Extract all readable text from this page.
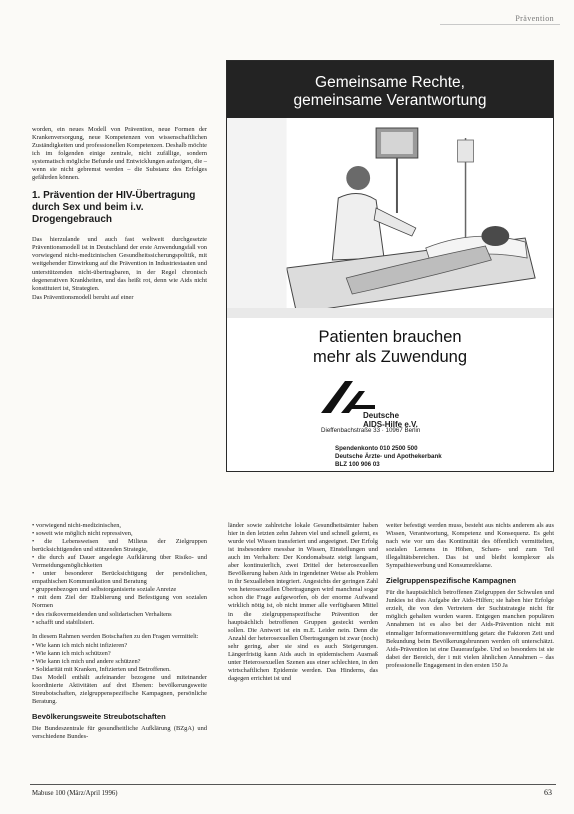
Prävention

worden, ein neues Modell von Prävention, neue Formen der Krankenversorgung, neue Kompetenzen von wissenschaftlichen Zuständigkeiten und professionellen Kompetenzen. Deshalb möchte ich im folgenden einige zentrale, nicht zufällige, sondern systematisch mögliche Befunde und Entwicklungen aufzeigen, die – wenn sie nicht gebremst werden – die Substanz des Erfolges gefährden können.

1. Prävention der HIV-Übertragung durch Sex und beim i.v. Drogengebrauch

Das hierzulande und auch fast weltweit durchgesetzte Präventionsmodell ist in Deutschland der erste Anwendungsfall von vorwiegend nicht-medizinischen Gesundheitssicherungspolitik, mit weitgehender Einwirkung auf die Prävention in Industriestaaten und unterstützenden nicht-übertragbaren, in der Regel chronisch degenerativen Krankheiten, und das heißt rot, denn wie Aids nicht konstituiert ist, Strategien.

Das Präventionsmodell beruht auf einer

• vorwiegend nicht-medizinischen,
• soweit wie möglich nicht repressiven,
• die Lebensweisen und Milieus der Zielgruppen berücksichtigenden und stützenden Strategie,
• die durch auf Dauer angelegte Aufklärung über Risiko- und Vermeidungsmöglichkeiten
• unter besonderer Berücksichtigung der persönlichen, empathischen Kommunikation und Beratung
• gruppenbezogen und selbstorganisierte soziale Anreize
• mit dem Ziel der Etablierung und Befestigung von sozialen Normen
• des risikovermeidenden und solidarischen Verhaltens
• schafft und stabilisiert.

In diesem Rahmen werden Botschaften zu den Fragen vermittelt:

• Wie kann ich mich nicht infizieren?
• Wie kann ich mich schützen?
• Wie kann ich mich und andere schützen?
• Solidarität mit Kranken, Infizierten und Betroffenen.

Das Modell enthält aufeinander bezogene und miteinander koordinierte Aktivitäten auf drei Ebenen: bevölkerungsweite Streubotschaften, zielgruppenspezifische Kampagnen, persönliche Beratung.

Bevölkerungsweite Streubotschaften

Die Bundeszentrale für gesundheitliche Aufklärung (BZgA) und verschiedene Bundes-

länder sowie zahlreiche lokale Gesundheitsämter haben hier in den letzten zehn Jahren viel und schnell gelernt, es wurde viel Wissen transferiert und angeeignet. Der Erfolg ist insbesondere messbar in Wissen, Einstellungen und auch im Verhalten: Der Kondomabsatz steigt langsam, aber kontinuierlich, zwei Drittel der heterosexuellen Bevölkerung haben Aids in irgendeiner Weise als Problem in ihr Sexualleben integriert. Angesichts der geringen Zahl von heterosexuellen Übertragungen wird manchmal sogar schon die Frage aufgeworfen, ob der enorme Aufwand wirklich nötig ist, ob nicht immer alle verfügbaren Mittel in die zielgruppenspezifische Prävention der hauptsächlich betroffenen Gruppen gesteckt werden sollen. Die Antwort ist ein m.E. Leider nein. Denn die Anzahl der heterosexuellen Übertragungen ist zwar (noch) sehr gering, aber sie sind es auch Steigerungen. Längerfristig kann Aids auch in epidemischem Ausmaß unter Heterosexuellen Szenen aus einer schlechten, in den wirtschaftlichen Epidemie werden. Das Hinderns, das dagegen errichtet ist und

weiter befestigt werden muss, besteht aus nichts anderem als aus Wissen, Verantwortung, Kompetenz und Konsequenz. Es geht nach wie vor um das Kontinuität des öffentlich vermittelten, sozialen Lernens in Höhen, Scham- und zum Teil illegalitätsbereichen. Das ist und bleibt komplexer als Sympathiewerbung und Konsumreklame.

Zielgruppenspezifische Kampagnen

Für die hauptsächlich betroffenen Zielgruppen der Schwulen und Junkies ist dies Aufgabe der Aids-Hilfen; sie haben hier Erfolge erzielt, die von den Vertretern der Suchtstrategie nicht für möglich gehalten wurden waren. Entgegen manchen populären Annahmen ist es also bei der Aids-Prävention nicht mit einmaliger Informationsvermittlung getan: die Faktoren Zeit und Bekundung beim Bevölkerungsbrunnen werden oft unterschätzt. Aids-Prävention ist eine Daueraufgabe. Und so besonders ist sie dabei der Bereich, der i mit vielen ähnlichen Annahmen – das professionelle Engagement in den ersten 150 Ja

Gemeinsame Rechte,
gemeinsame Verantwortung
Patienten brauchen
mehr als Zuwendung
Deutsche
AIDS-Hilfe e.V.
Dieffenbachstraße 33 · 10967 Berlin
Spendenkonto 010 2500 500
Deutsche Ärzte- und Apothekerbank
BLZ 100 906 03
Mabuse 100 (März/April 1996)	63
